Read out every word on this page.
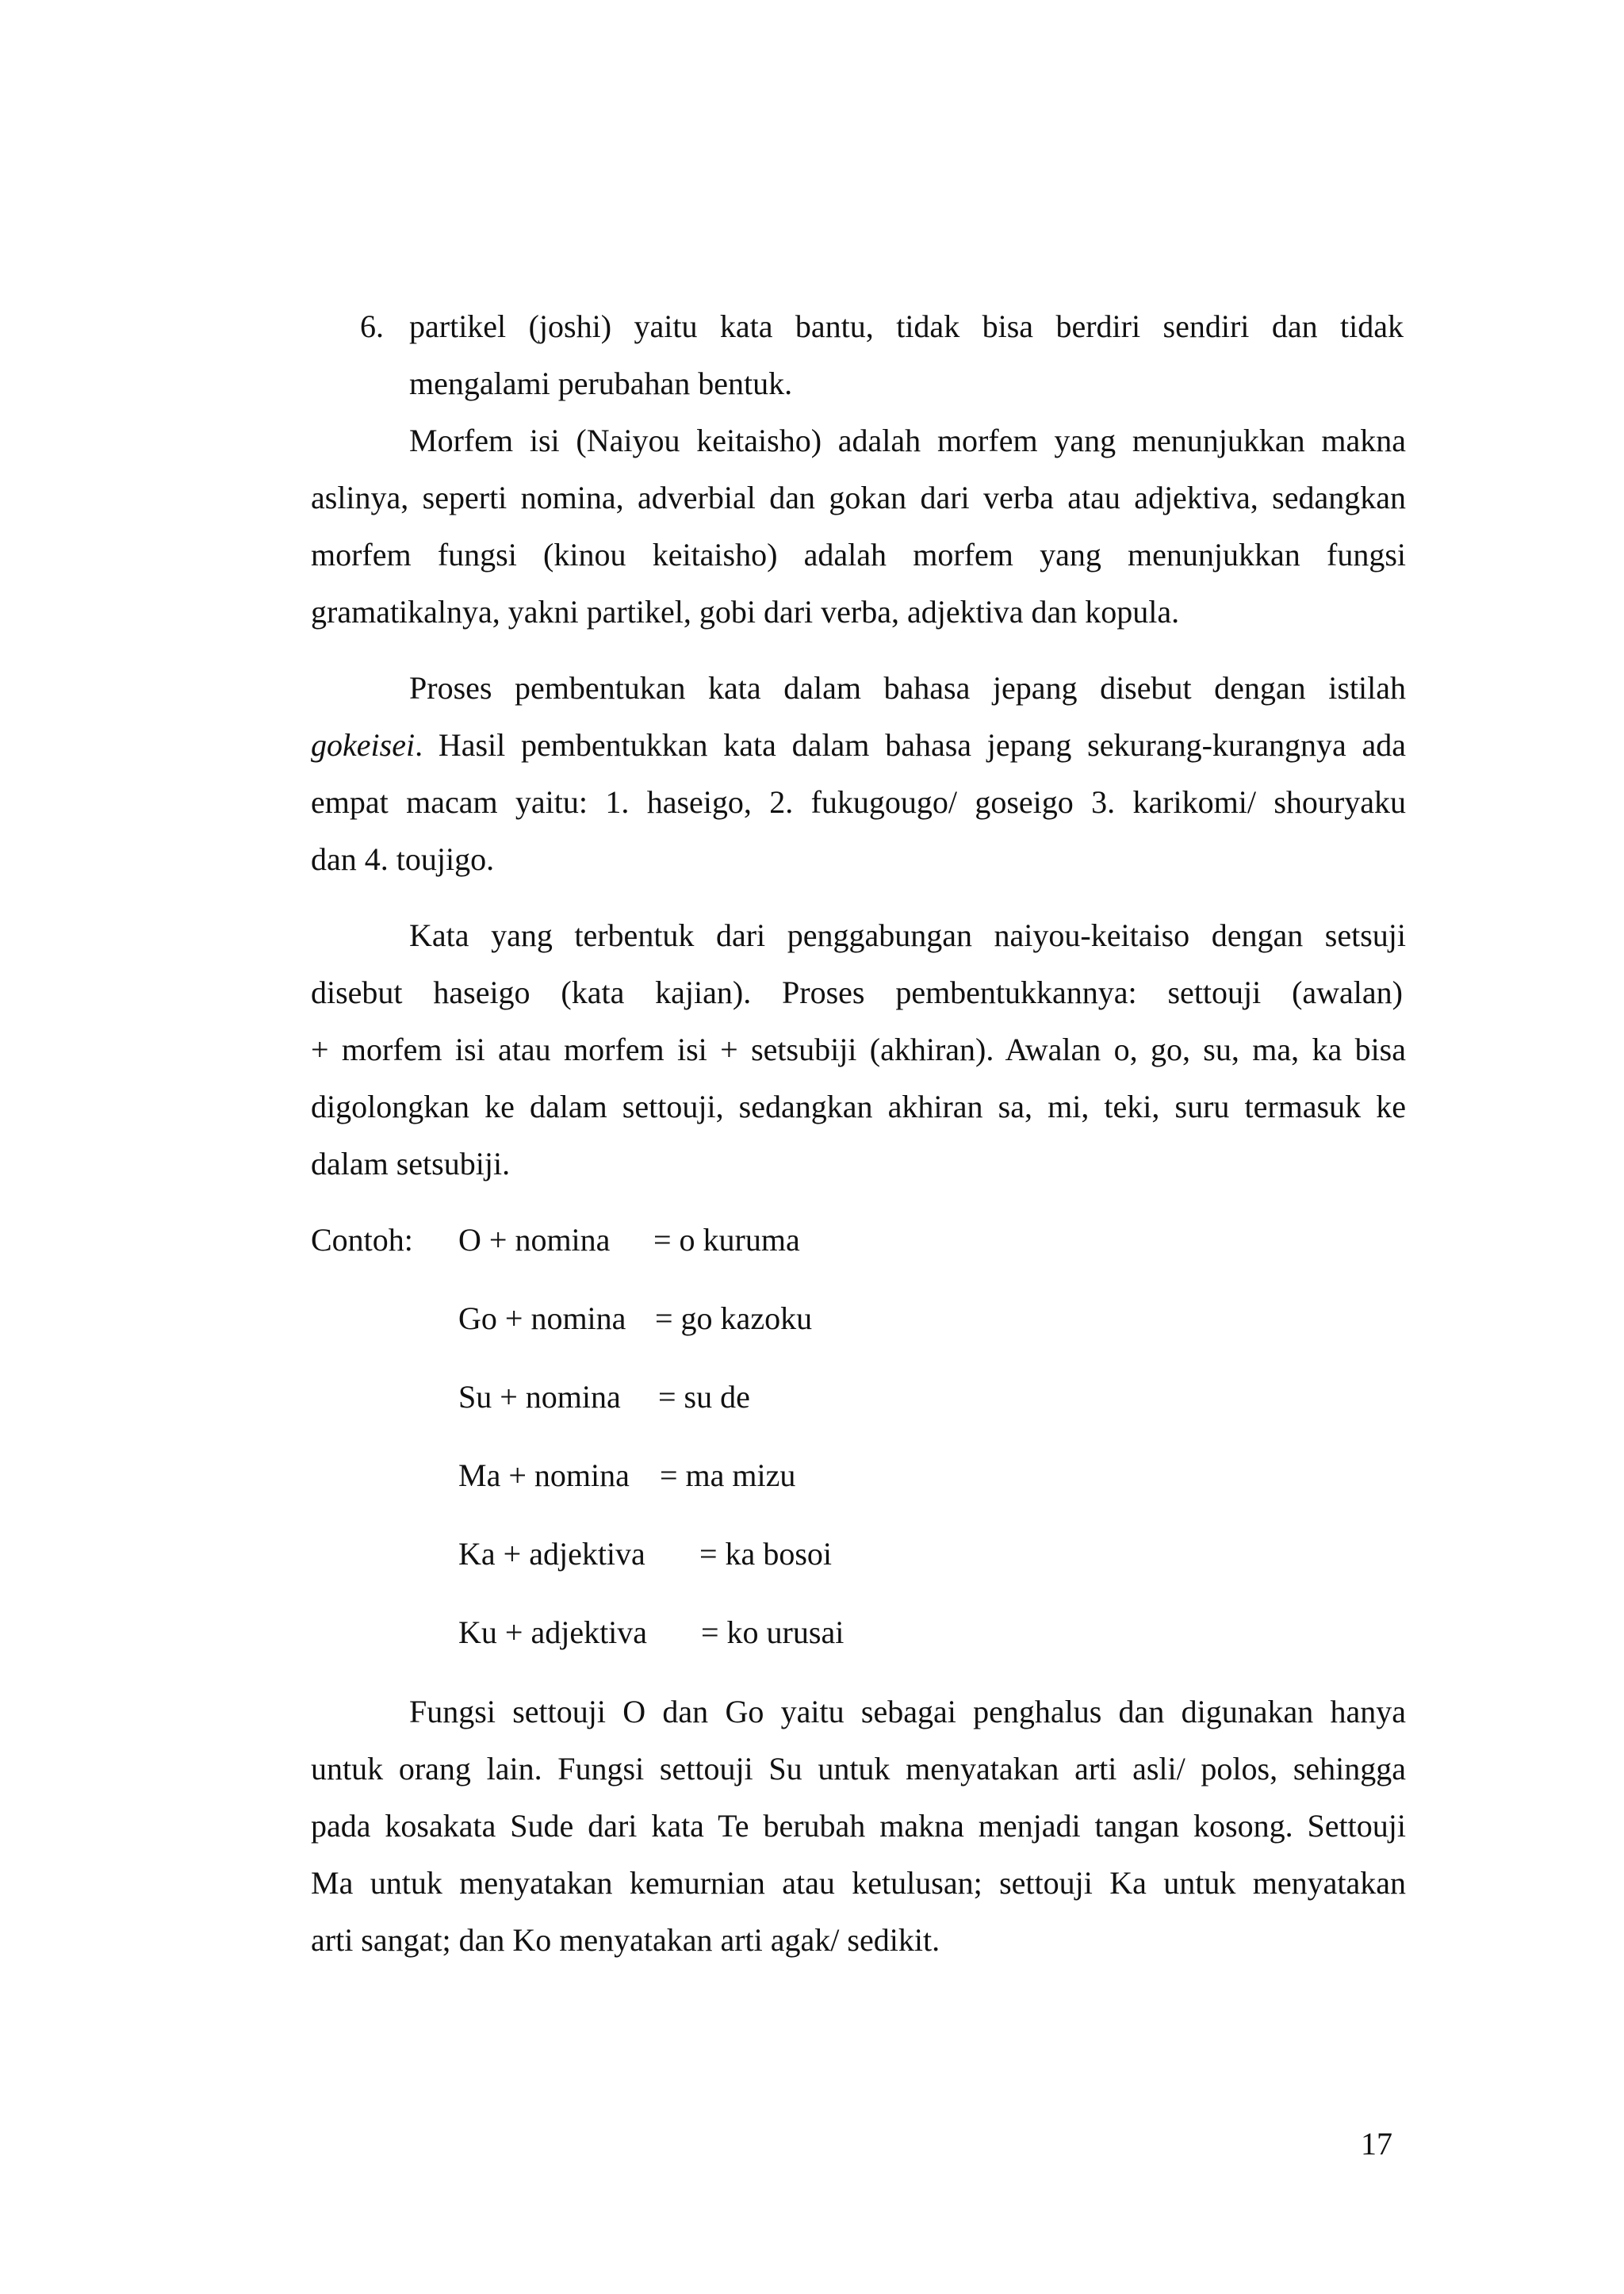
6. partikel (joshi) yaitu kata bantu, tidak bisa berdiri sendiri dan tidak
mengalami perubahan bentuk.
Morfem isi (Naiyou keitaisho) adalah morfem yang menunjukkan makna
aslinya, seperti nomina, adverbial dan gokan dari verba atau adjektiva, sedangkan
morfem fungsi (kinou keitaisho) adalah morfem yang menunjukkan fungsi
gramatikalnya, yakni partikel, gobi dari verba, adjektiva dan kopula.
Proses pembentukan kata dalam bahasa jepang disebut dengan istilah
gokeisei. Hasil pembentukkan kata dalam bahasa jepang sekurang-kurangnya ada
empat macam yaitu: 1. haseigo, 2. fukugougo/ goseigo 3. karikomi/ shouryaku
dan 4. toujigo.
Kata yang terbentuk dari penggabungan naiyou-keitaiso dengan setsuji
disebut haseigo (kata kajian). Proses pembentukkannya: settouji (awalan)
+ morfem isi atau morfem isi + setsubiji (akhiran). Awalan o, go, su, ma, ka bisa
digolongkan ke dalam settouji, sedangkan akhiran sa, mi, teki, suru termasuk ke
dalam setsubiji.
Contoh: O + nomina = o kuruma
Go + nomina = go kazoku
Su + nomina = su de
Ma + nomina = ma mizu
Ka + adjektiva = ka bosoi
Ku + adjektiva = ko urusai
Fungsi settouji O dan Go yaitu sebagai penghalus dan digunakan hanya
untuk orang lain. Fungsi settouji Su untuk menyatakan arti asli/ polos, sehingga
pada kosakata Sude dari kata Te berubah makna menjadi tangan kosong. Settouji
Ma untuk menyatakan kemurnian atau ketulusan; settouji Ka untuk menyatakan
arti sangat; dan Ko menyatakan arti agak/ sedikit.
17
